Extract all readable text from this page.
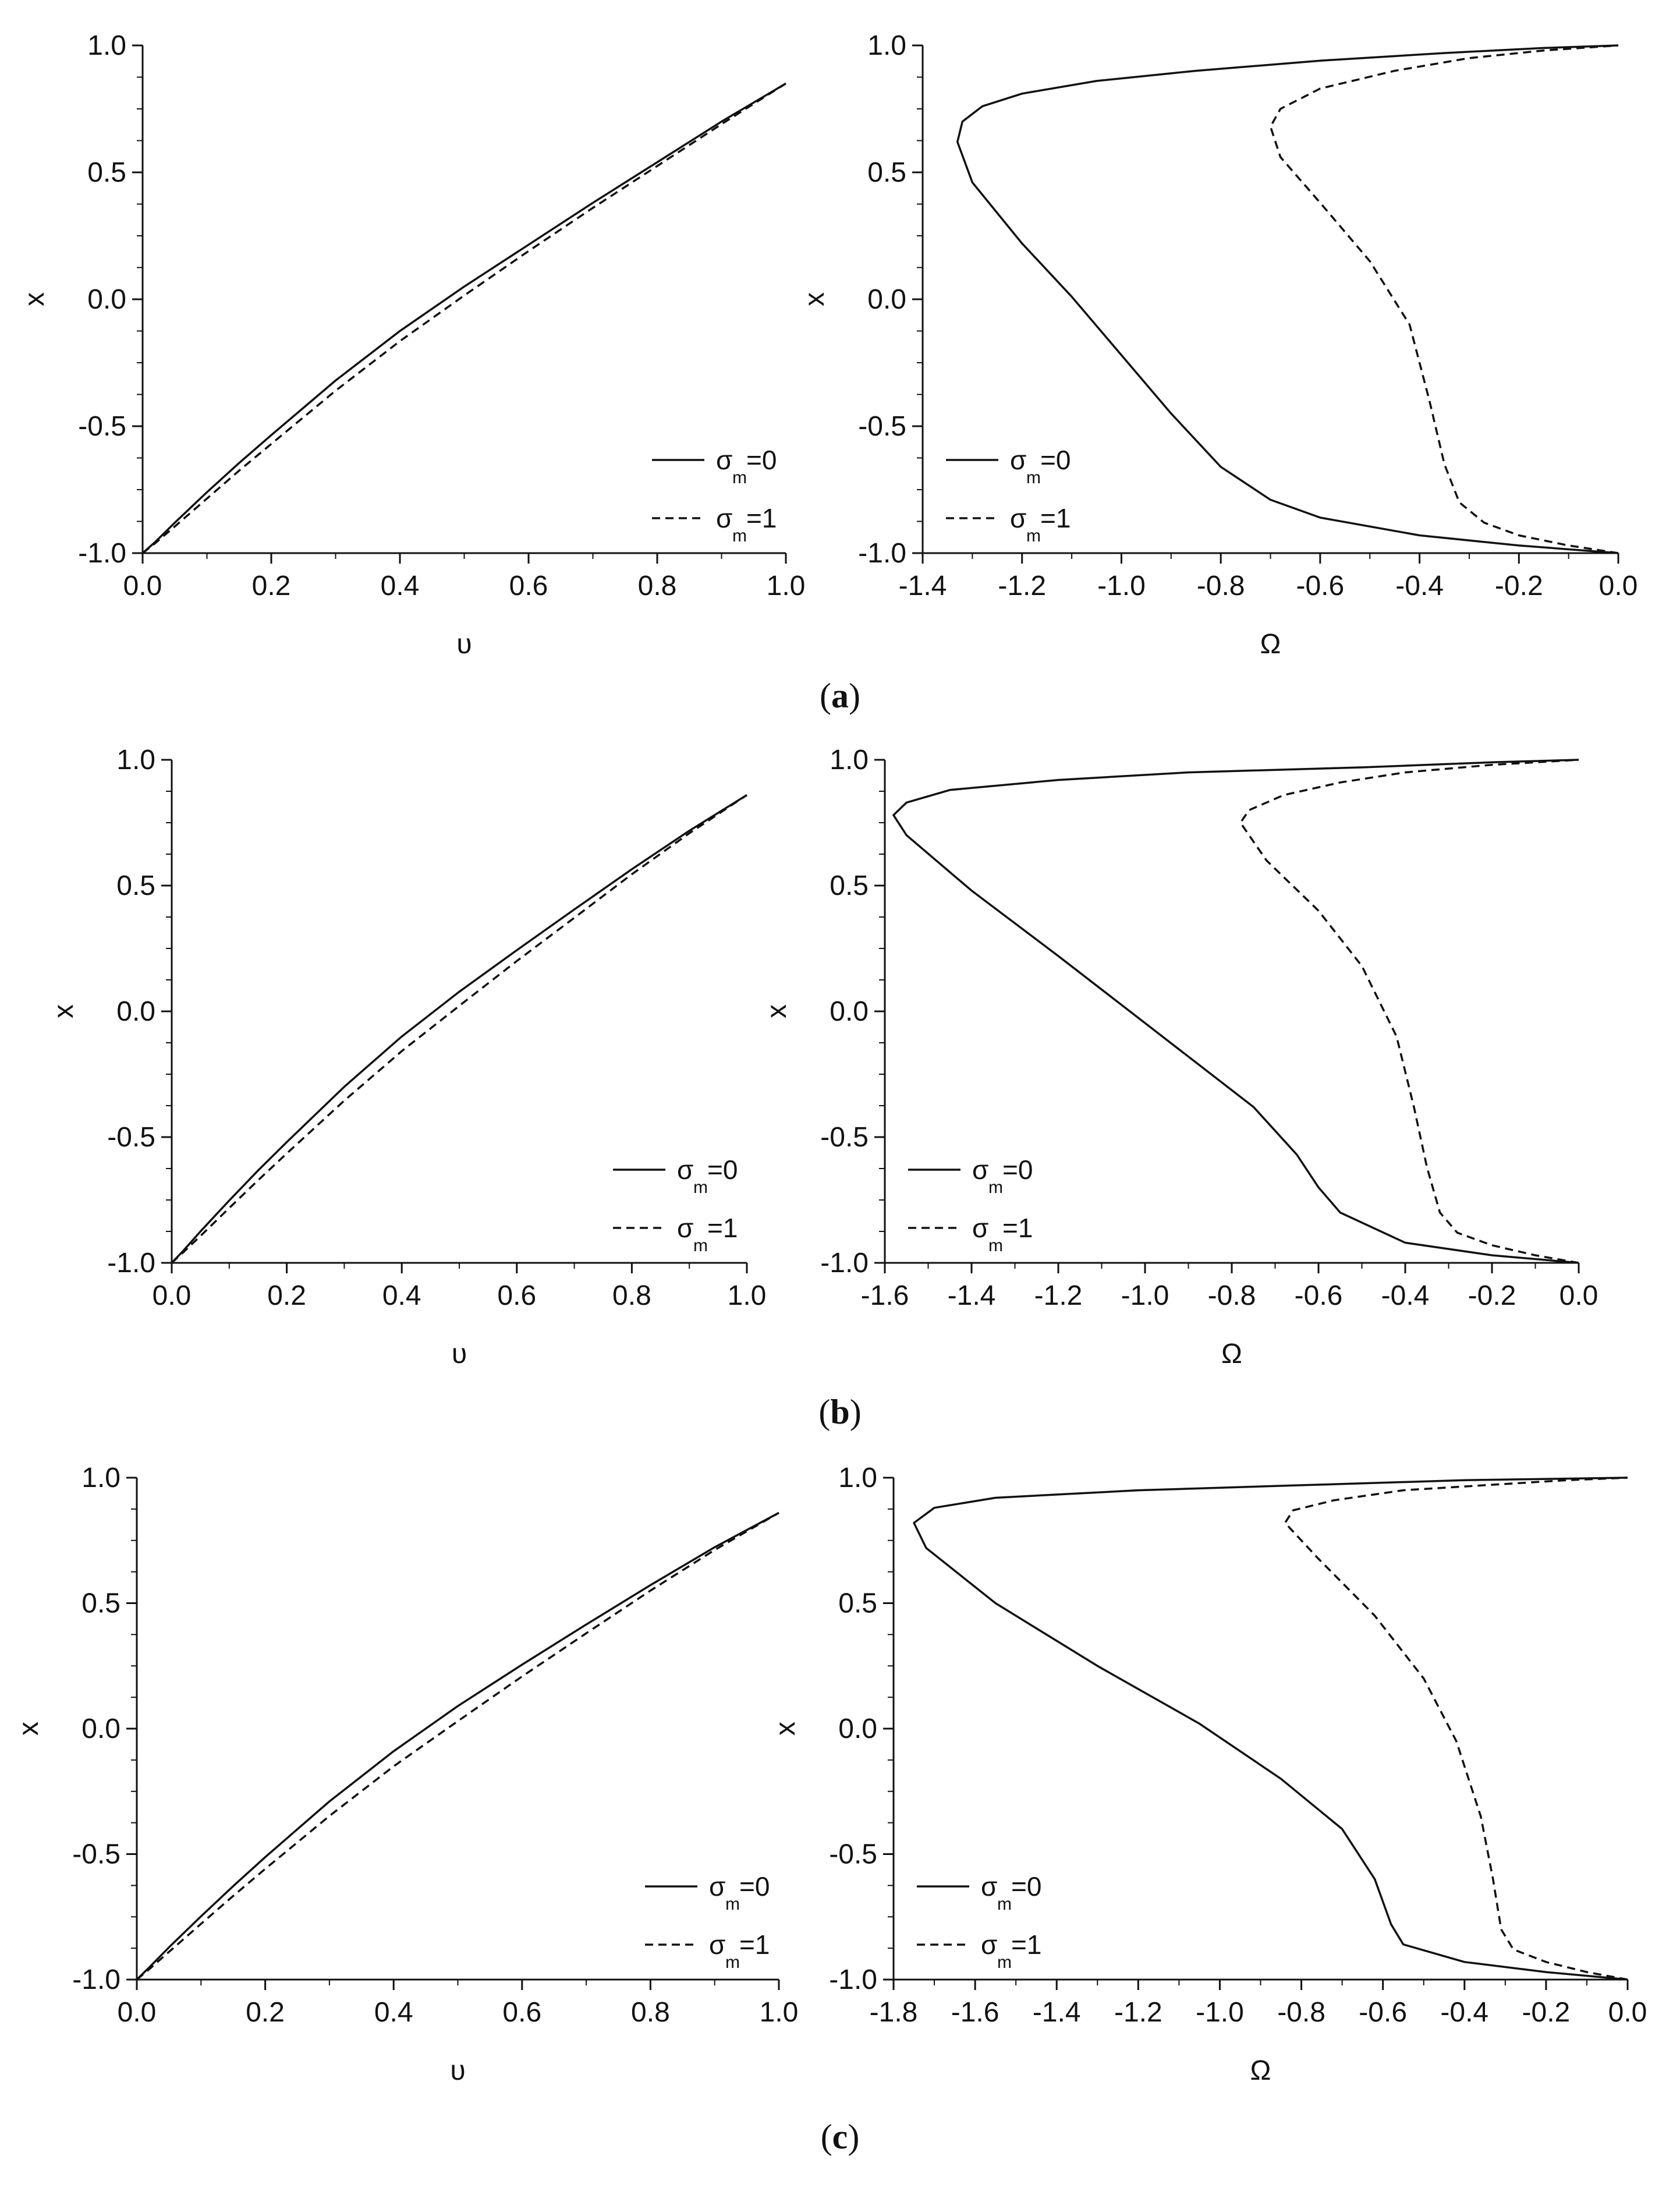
0.0	0.2	0.4	0.6	0.8	1.0
-1.0
-0.5
0.0
0.5
1.0
υ
x
σ
m
=0
σ
m
=1
-1.4 -1.2 -1.0 -0.8 -0.6 -0.4 -0.2 0.0
-1.0
-0.5
0.0
0.5
1.0
Ω
x
σ
m
=0
σ
m
=1
0.0	0.2	0.4	0.6	0.8	1.0
-1.0
-0.5
0.0
0.5
1.0
υ
x
σ
m
=0
σ
m
=1
-1.6 -1.4 -1.2 -1.0 -0.8 -0.6 -0.4 -0.2 0.0
-1.0
-0.5
0.0
0.5
1.0
Ω
x
σ
m
=0
σ
m
=1
0.0	0.2	0.4	0.6	0.8	1.0
-1.0
-0.5
0.0
0.5
1.0
υ
x
σ
m
=0
σ
m
=1
-1.8 -1.6 -1.4 -1.2 -1.0 -0.8 -0.6 -0.4 -0.2 0.0
-1.0
-0.5
0.0
0.5
1.0
Ω
x
σ
m
=0
σ
m
=1
(a)
(b)
(c)
